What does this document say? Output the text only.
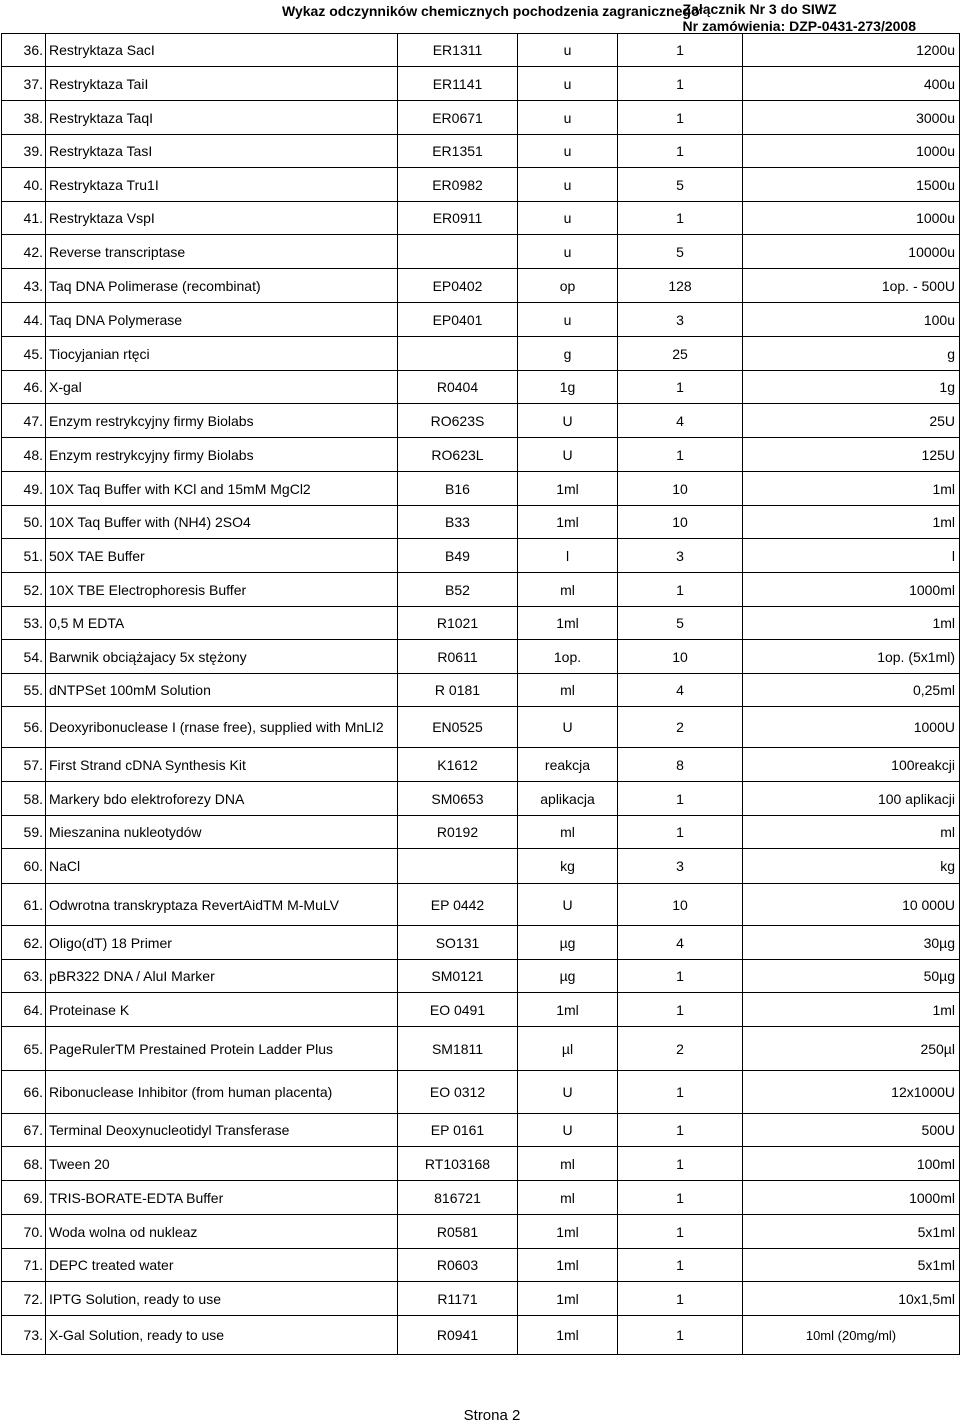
Wykaz odczynników chemicznych pochodzenia zagranicznego
Załącznik Nr 3 do SIWZ
Nr zamówienia: DZP-0431-273/2008
36.	Restryktaza SacI	ER1311	u	1	1200u
37.	Restryktaza TaiI	ER1141	u	1	400u
38.	Restryktaza TaqI	ER0671	u	1	3000u
39.	Restryktaza TasI	ER1351	u	1	1000u
40.	Restryktaza Tru1I	ER0982	u	5	1500u
41.	Restryktaza VspI	ER0911	u	1	1000u
42.	Reverse transcriptase		u	5	10000u
43.	Taq DNA Polimerase (recombinat)	EP0402	op	128	1op. - 500U
44.	Taq DNA Polymerase	EP0401	u	3	100u
45.	Tiocyjanian rtęci		g	25	g
46.	X-gal	R0404	1g	1	1g
47.	Enzym restrykcyjny firmy Biolabs	RO623S	U	4	25U
48.	Enzym restrykcyjny firmy Biolabs	RO623L	U	1	125U
49.	10X Taq Buffer with KCl and 15mM MgCl2	B16	1ml	10	1ml
50.	10X Taq Buffer with (NH4) 2SO4	B33	1ml	10	1ml
51.	50X TAE Buffer	B49	l	3	l
52.	10X TBE Electrophoresis Buffer	B52	ml	1	1000ml
53.	0,5 M EDTA	R1021	1ml	5	1ml
54.	Barwnik obciążajacy 5x stężony	R0611	1op.	10	1op. (5x1ml)
55.	dNTPSet 100mM Solution	R 0181	ml	4	0,25ml
56.	Deoxyribonuclease I (rnase free), supplied with MnLI2	EN0525	U	2	1000U
57.	First Strand cDNA Synthesis Kit	K1612	reakcja	8	100reakcji
58.	Markery bdo elektroforezy DNA	SM0653	aplikacja	1	100 aplikacji
59.	Mieszanina nukleotydów	R0192	ml	1	ml
60.	NaCl		kg	3	kg
61.	Odwrotna transkryptaza RevertAidTM M-MuLV	EP 0442	U	10	10 000U
62.	Oligo(dT) 18 Primer	SO131	µg	4	30µg
63.	pBR322 DNA / AluI Marker	SM0121	µg	1	50µg
64.	Proteinase K	EO 0491	1ml	1	1ml
65.	PageRulerTM Prestained Protein Ladder Plus	SM1811	µl	2	250µl
66.	Ribonuclease Inhibitor (from human placenta)	EO 0312	U	1	12x1000U
67.	Terminal Deoxynucleotidyl Transferase	EP 0161	U	1	500U
68.	Tween 20	RT103168	ml	1	100ml
69.	TRIS-BORATE-EDTA Buffer	816721	ml	1	1000ml
70.	Woda wolna od nukleaz	R0581	1ml	1	5x1ml
71.	DEPC treated water	R0603	1ml	1	5x1ml
72.	IPTG Solution, ready to use	R1171	1ml	1	10x1,5ml
73.	X-Gal Solution, ready to use	R0941	1ml	1	10ml (20mg/ml)
Strona 2
